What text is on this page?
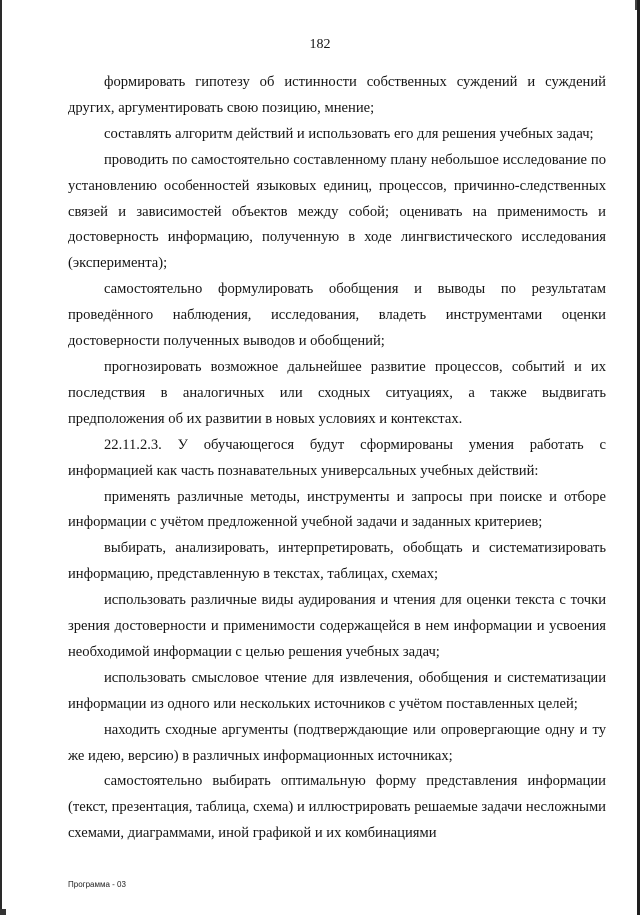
182

формировать гипотезу об истинности собственных суждений и суждений других, аргументировать свою позицию, мнение;

составлять алгоритм действий и использовать его для решения учебных задач;

проводить по самостоятельно составленному плану небольшое исследование по установлению особенностей языковых единиц, процессов, причинно-следственных связей и зависимостей объектов между собой; оценивать на применимость и достоверность информацию, полученную в ходе лингвистического исследования (эксперимента);

самостоятельно формулировать обобщения и выводы по результатам проведённого наблюдения, исследования, владеть инструментами оценки достоверности полученных выводов и обобщений;

прогнозировать возможное дальнейшее развитие процессов, событий и их последствия в аналогичных или сходных ситуациях, а также выдвигать предположения об их развитии в новых условиях и контекстах.

22.11.2.3. У обучающегося будут сформированы умения работать с информацией как часть познавательных универсальных учебных действий:

применять различные методы, инструменты и запросы при поиске и отборе информации с учётом предложенной учебной задачи и заданных критериев;

выбирать, анализировать, интерпретировать, обобщать и систематизировать информацию, представленную в текстах, таблицах, схемах;

использовать различные виды аудирования и чтения для оценки текста с точки зрения достоверности и применимости содержащейся в нем информации и усвоения необходимой информации с целью решения учебных задач;

использовать смысловое чтение для извлечения, обобщения и систематизации информации из одного или нескольких источников с учётом поставленных целей;

находить сходные аргументы (подтверждающие или опровергающие одну и ту же идею, версию) в различных информационных источниках;

самостоятельно выбирать оптимальную форму представления информации (текст, презентация, таблица, схема) и иллюстрировать решаемые задачи несложными схемами, диаграммами, иной графикой и их комбинациями

Программа - 03
